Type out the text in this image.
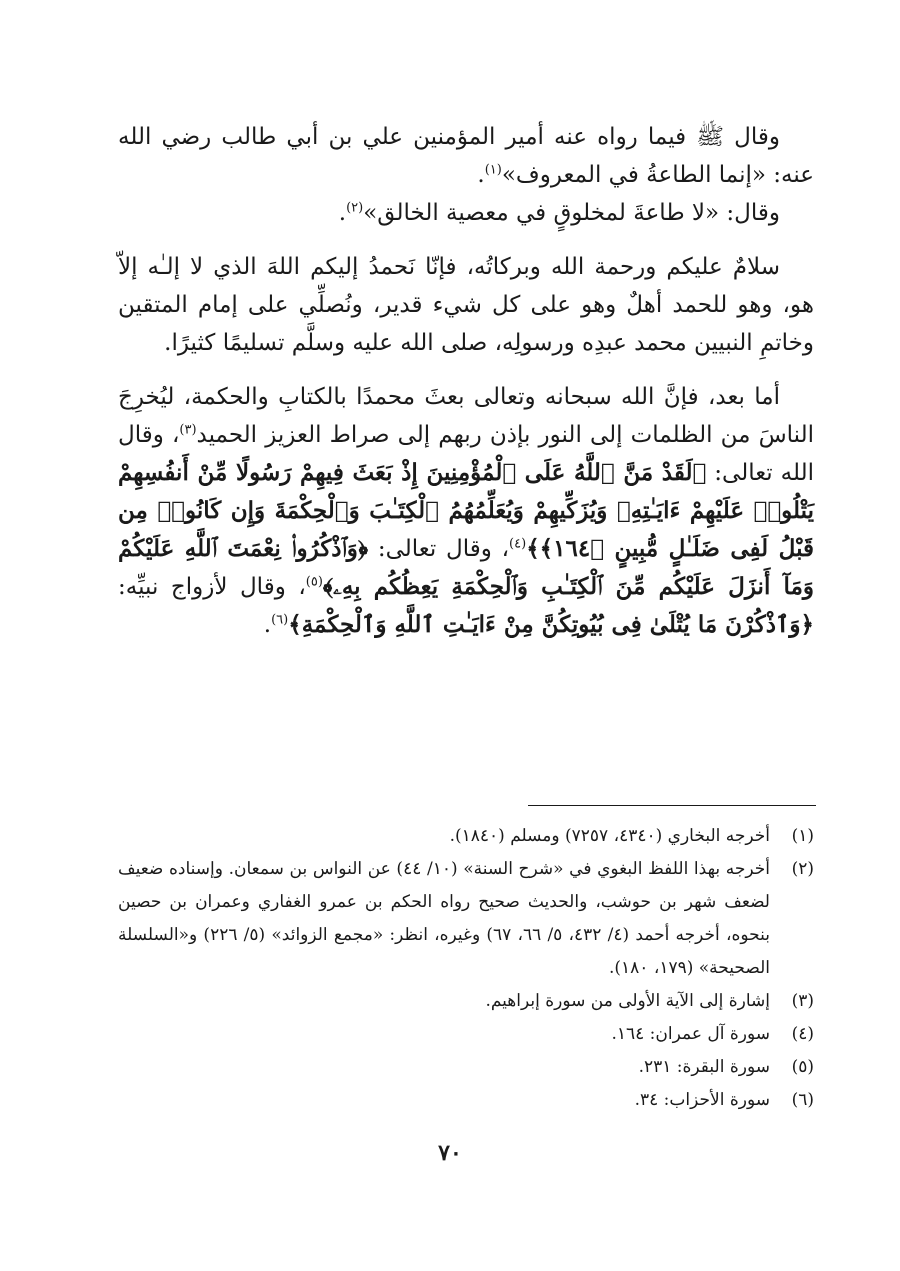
وقال ﷺ فيما رواه عنه أمير المؤمنين علي بن أبي طالب رضي الله عنه: «إنما الطاعةُ في المعروف»$^{(١)}$.

وقال: «لا طاعةَ لمخلوقٍ في معصية الخالق»$^{(٢)}$.

سلامٌ عليكم ورحمة الله وبركاتُه، فإنّا نَحمدُ إليكم اللهَ الذي لا إلـٰه إلاّ هو، وهو للحمد أهلٌ وهو على كل شيء قدير، ونُصلِّي على إمام المتقين وخاتمِ النبيين محمد عبدِه ورسولِه، صلى الله عليه وسلَّم تسليمًا كثيرًا.

أما بعد، فإنَّ الله سبحانه وتعالى بعثَ محمدًا بالكتابِ والحكمة، ليُخرِجَ الناسَ من الظلمات إلى النور بإذن ربهم إلى صراط العزيز الحميد$^{(٣)}$، وقال الله تعالى: ﴿لَقَدْ مَنَّ ٱللَّهُ عَلَى ٱلْمُؤْمِنِينَ إِذْ بَعَثَ فِيهِمْ رَسُولًا مِّنْ أَنفُسِهِمْ يَتْلُوا۟ عَلَيْهِمْ ءَايَـٰتِهِۦ وَيُزَكِّيهِمْ وَيُعَلِّمُهُمُ ٱلْكِتَـٰبَ وَٱلْحِكْمَةَ وَإِن كَانُوا۟ مِن قَبْلُ لَفِى ضَلَـٰلٍ مُّبِينٍ ﴿١٦٤﴾﴾$^{(٤)}$، وقال تعالى: ﴿وَٱذْكُرُوا۟ نِعْمَتَ ٱللَّهِ عَلَيْكُمْ وَمَآ أَنزَلَ عَلَيْكُم مِّنَ ٱلْكِتَـٰبِ وَٱلْحِكْمَةِ يَعِظُكُم بِهِۦ﴾$^{(٥)}$، وقال لأزواج نبيِّه: ﴿وَٱذْكُرْنَ مَا يُتْلَىٰ فِى بُيُوتِكُنَّ مِنْ ءَايَـٰتِ ٱللَّهِ وَٱلْحِكْمَةِ﴾$^{(٦)}$.

(١)
أخرجه البخاري (٤٣٤٠، ٧٢٥٧) ومسلم (١٨٤٠).
(٢)
أخرجه بهذا اللفظ البغوي في «شرح السنة» (١٠/ ٤٤) عن النواس بن سمعان. وإسناده ضعيف لضعف شهر بن حوشب، والحديث صحيح رواه الحكم بن عمرو الغفاري وعمران بن حصين بنحوه، أخرجه أحمد (٤/ ٤٣٢، ٥/ ٦٦، ٦٧) وغيره، انظر: «مجمع الزوائد» (٥/ ٢٢٦) و«السلسلة الصحيحة» (١٧٩، ١٨٠).
(٣)
إشارة إلى الآية الأولى من سورة إبراهيم.
(٤)
سورة آل عمران: ١٦٤.
(٥)
سورة البقرة: ٢٣١.
(٦)
سورة الأحزاب: ٣٤.
٧٠
